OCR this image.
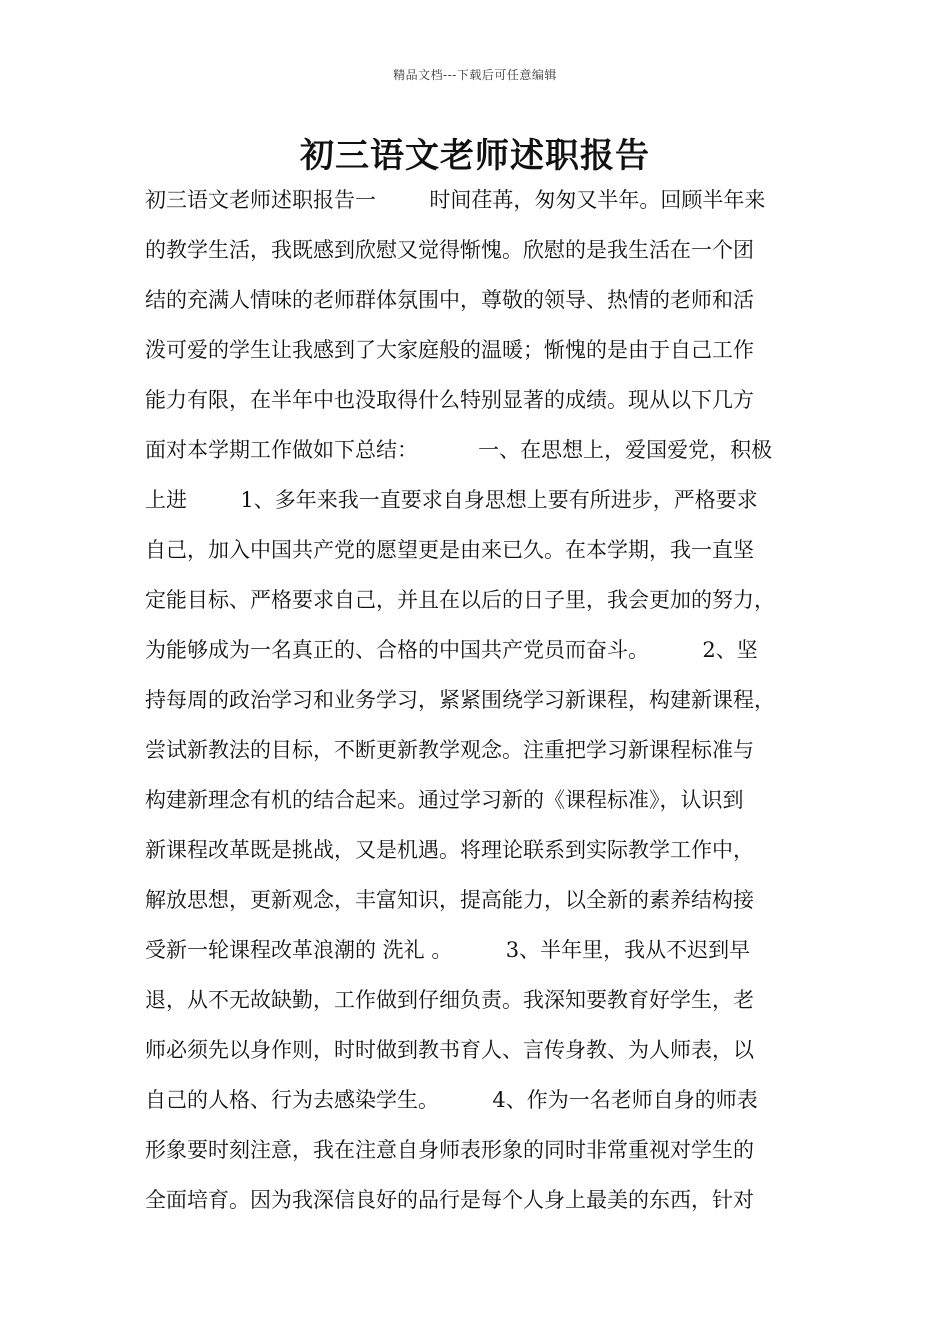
精品文档---下载后可任意编辑
初三语文老师述职报告
初三语文老师述职报告一        时间荏苒，匆匆又半年。回顾半年来
的教学生活，我既感到欣慰又觉得惭愧。欣慰的是我生活在一个团
结的充满人情味的老师群体氛围中，尊敬的领导、热情的老师和活
泼可爱的学生让我感到了大家庭般的温暖；惭愧的是由于自己工作
能力有限，在半年中也没取得什么特别显著的成绩。现从以下几方
面对本学期工作做如下总结：         一、在思想上，爱国爱党，积极
上进        1、多年来我一直要求自身思想上要有所进步，严格要求
自己，加入中国共产党的愿望更是由来已久。在本学期，我一直坚
定能目标、严格要求自己，并且在以后的日子里，我会更加的努力，
为能够成为一名真正的、合格的中国共产党员而奋斗。        2、坚
持每周的政治学习和业务学习，紧紧围绕学习新课程，构建新课程，
尝试新教法的目标，不断更新教学观念。注重把学习新课程标准与
构建新理念有机的结合起来。通过学习新的《课程标准》，认识到
新课程改革既是挑战，又是机遇。将理论联系到实际教学工作中，
解放思想，更新观念，丰富知识，提高能力，以全新的素养结构接
受新一轮课程改革浪潮的 洗礼 。        3、半年里，我从不迟到早
退，从不无故缺勤，工作做到仔细负责。我深知要教育好学生，老
师必须先以身作则，时时做到教书育人、言传身教、为人师表，以
自己的人格、行为去感染学生。        4、作为一名老师自身的师表
形象要时刻注意，我在注意自身师表形象的同时非常重视对学生的
全面培育。因为我深信良好的品行是每个人身上最美的东西，针对
